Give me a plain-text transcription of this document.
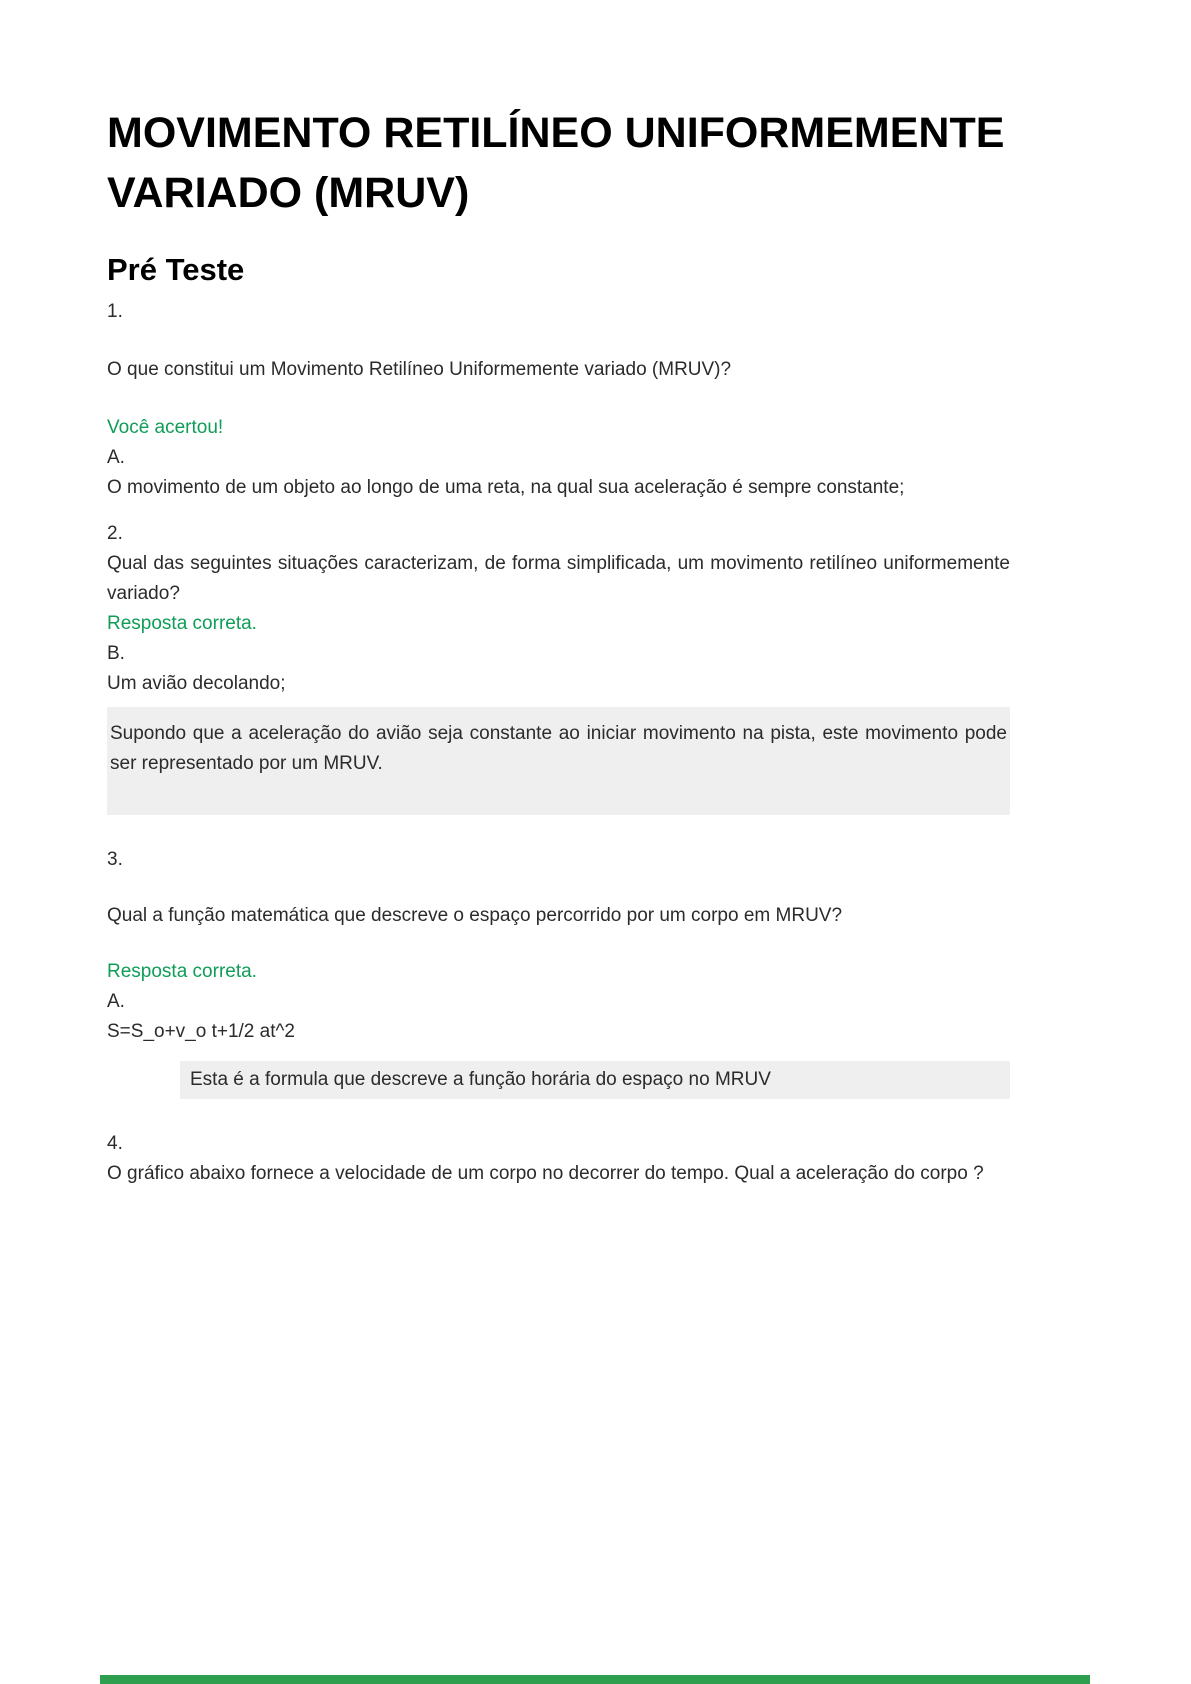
MOVIMENTO RETILÍNEO UNIFORMEMENTE
VARIADO (MRUV)
Pré Teste

1.

O que constitui um Movimento Retilíneo Uniformemente variado (MRUV)?

Você acertou!

A.

O movimento de um objeto ao longo de uma reta, na qual sua aceleração é sempre constante;

2.

Qual das seguintes situações caracterizam, de forma simplificada, um movimento retilíneo uniformemente variado?

Resposta correta.

B.

Um avião decolando;

Supondo que a aceleração do avião seja constante ao iniciar movimento na pista, este movimento pode ser representado por um MRUV.

3.

Qual a função matemática que descreve o espaço percorrido por um corpo em MRUV?

Resposta correta.

A.

S=S_o+v_o t+1/2 at^2

Esta é a formula que descreve a função horária do espaço no MRUV

4.

O gráfico abaixo fornece a velocidade de um corpo no decorrer do tempo. Qual a aceleração do corpo ?
